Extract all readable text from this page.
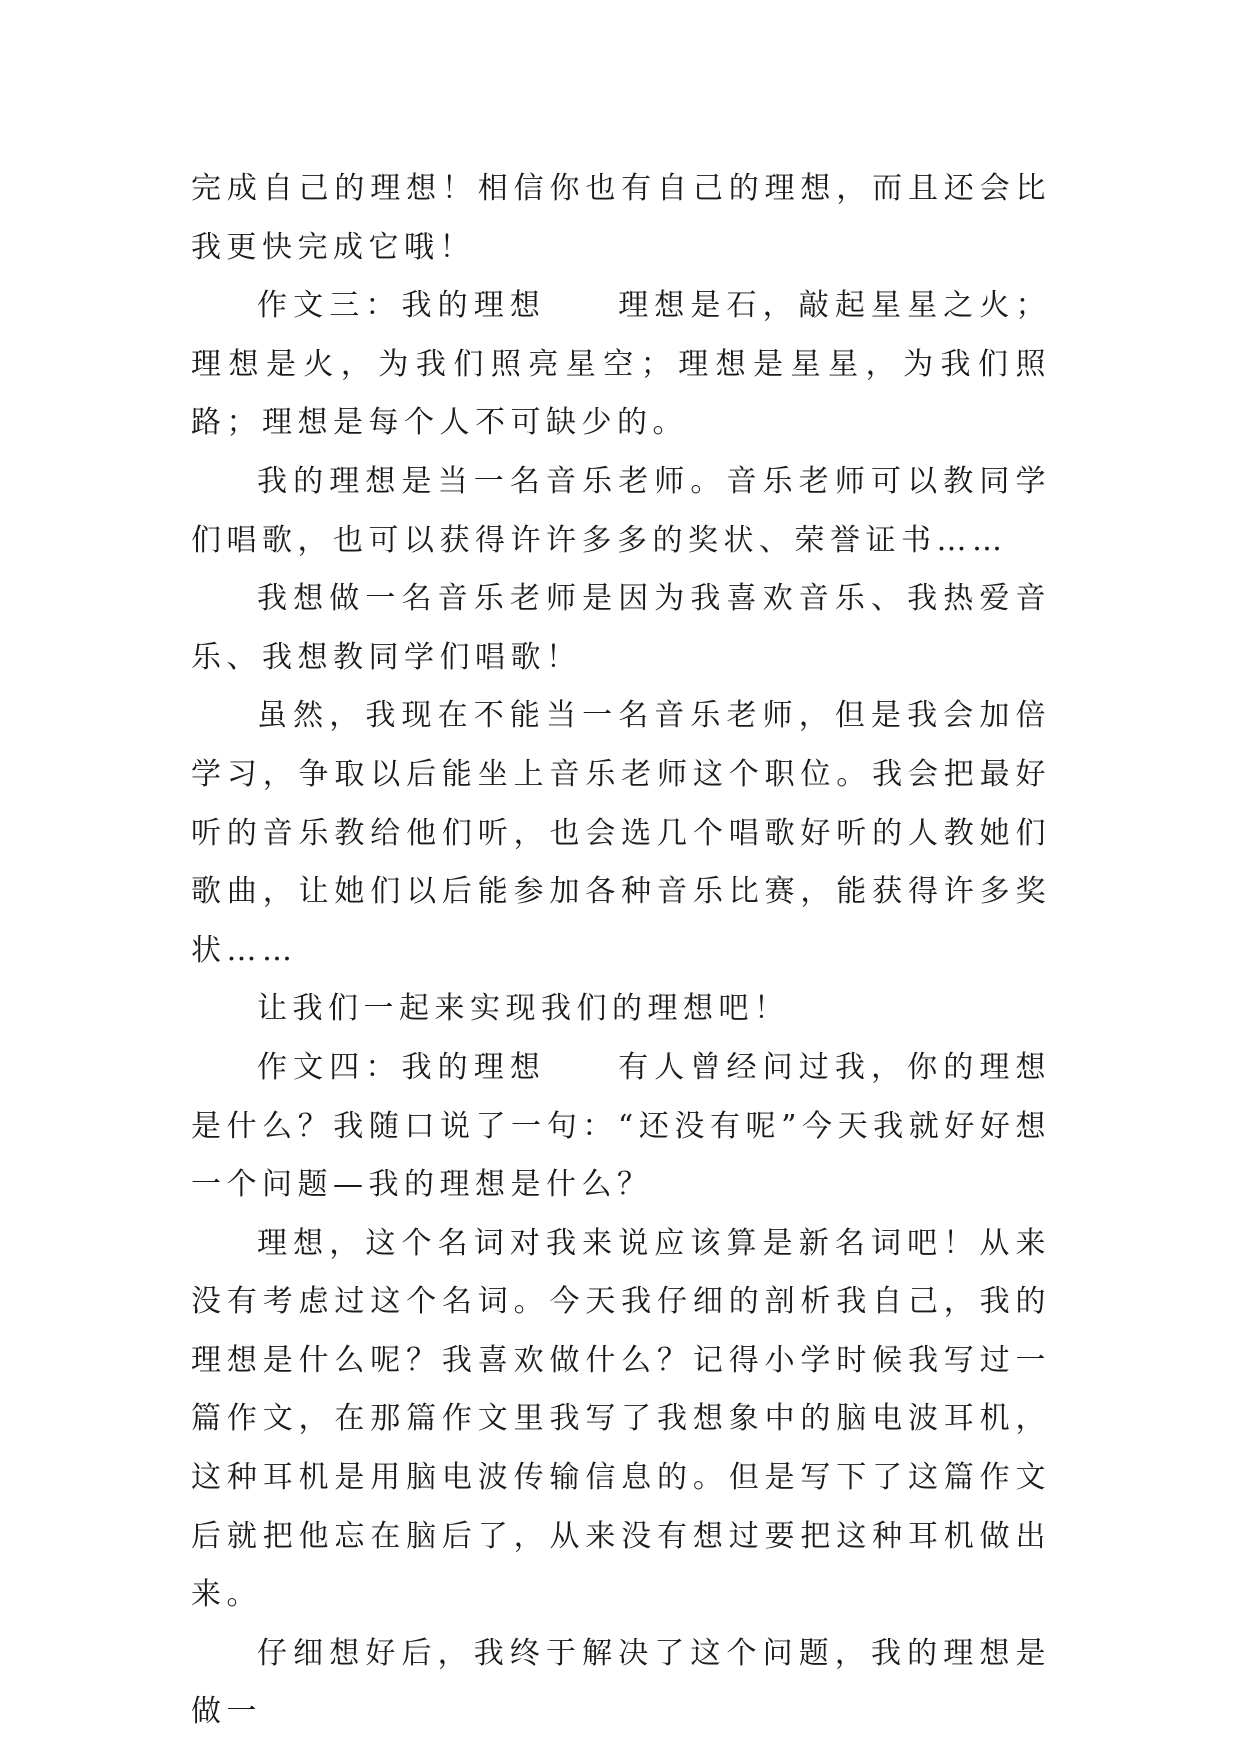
完成自己的理想！相信你也有自己的理想，而且还会比我更快完成它哦！

作文三：我的理想　　理想是石，敲起星星之火；理想是火，为我们照亮星空；理想是星星，为我们照路；理想是每个人不可缺少的。

我的理想是当一名音乐老师。音乐老师可以教同学们唱歌，也可以获得许许多多的奖状、荣誉证书……

我想做一名音乐老师是因为我喜欢音乐、我热爱音乐、我想教同学们唱歌！

虽然，我现在不能当一名音乐老师，但是我会加倍学习，争取以后能坐上音乐老师这个职位。我会把最好听的音乐教给他们听，也会选几个唱歌好听的人教她们歌曲，让她们以后能参加各种音乐比赛，能获得许多奖状……

让我们一起来实现我们的理想吧！

作文四：我的理想　　有人曾经问过我，你的理想是什么？我随口说了一句：“还没有呢”今天我就好好想一个问题—我的理想是什么？

理想，这个名词对我来说应该算是新名词吧！从来没有考虑过这个名词。今天我仔细的剖析我自己，我的理想是什么呢？我喜欢做什么？记得小学时候我写过一篇作文，在那篇作文里我写了我想象中的脑电波耳机，这种耳机是用脑电波传输信息的。但是写下了这篇作文后就把他忘在脑后了，从来没有想过要把这种耳机做出来。

仔细想好后，我终于解决了这个问题，我的理想是做一
